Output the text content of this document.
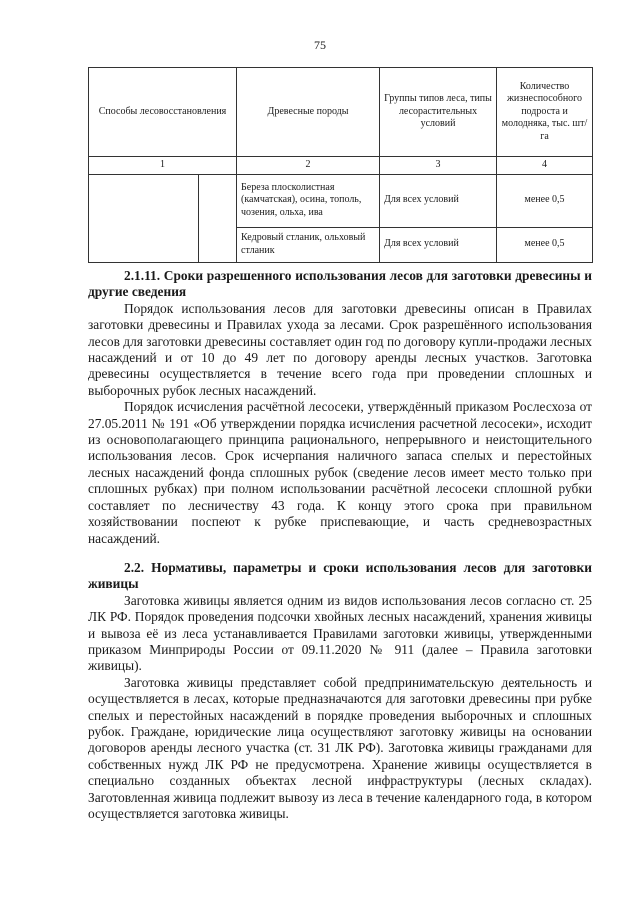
75
Способы лесовосстановления		Древесные породы	Группы типов леса, типы лесорастительных условий	Количество жизнеспособного подроста и молодняка, тыс. шт/га
1		2	3	4
		Береза плосколистная (камчатская), осина, тополь, чозения, ольха, ива	Для всех условий	менее 0,5
		Кедровый стланик, ольховый стланик	Для всех условий	менее 0,5
2.1.11. Сроки разрешенного использования лесов для заготовки древесины и другие сведения

Порядок использования лесов для заготовки древесины описан в Правилах заготовки древесины и Правилах ухода за лесами. Срок разрешённого использования лесов для заготовки древесины составляет один год по договору купли-продажи лесных насаждений и от 10 до 49 лет по договору аренды лесных участков. Заготовка древесины осуществляется в течение всего года при проведении сплошных и выборочных рубок лесных насаждений.

Порядок исчисления расчётной лесосеки, утверждённый приказом Рослесхоза от 27.05.2011 № 191 «Об утверждении порядка исчисления расчетной лесосеки», исходит из основополагающего принципа рационального, непрерывного и неистощительного использования лесов. Срок исчерпания наличного запаса спелых и перестойных лесных насаждений фонда сплошных рубок (сведение лесов имеет место только при сплошных рубках) при полном использовании расчётной лесосеки сплошной рубки составляет по лесничеству 43 года. К концу этого срока при правильном хозяйствовании поспеют к рубке приспевающие, и часть средневозрастных насаждений.

2.2. Нормативы, параметры и сроки использования лесов для заготовки живицы

Заготовка живицы является одним из видов использования лесов согласно ст. 25 ЛК РФ. Порядок проведения подсочки хвойных лесных насаждений, хранения живицы и вывоза её из леса устанавливается Правилами заготовки живицы, утвержденными приказом Минприроды России от 09.11.2020 № 911 (далее – Правила заготовки живицы).

Заготовка живицы представляет собой предпринимательскую деятельность и осуществляется в лесах, которые предназначаются для заготовки древесины при рубке спелых и перестойных насаждений в порядке проведения выборочных и сплошных рубок. Граждане, юридические лица осуществляют заготовку живицы на основании договоров аренды лесного участка (ст. 31 ЛК РФ). Заготовка живицы гражданами для собственных нужд ЛК РФ не предусмотрена. Хранение живицы осуществляется в специально созданных объектах лесной инфраструктуры (лесных складах). Заготовленная живица подлежит вывозу из леса в течение календарного года, в котором осуществляется заготовка живицы.
